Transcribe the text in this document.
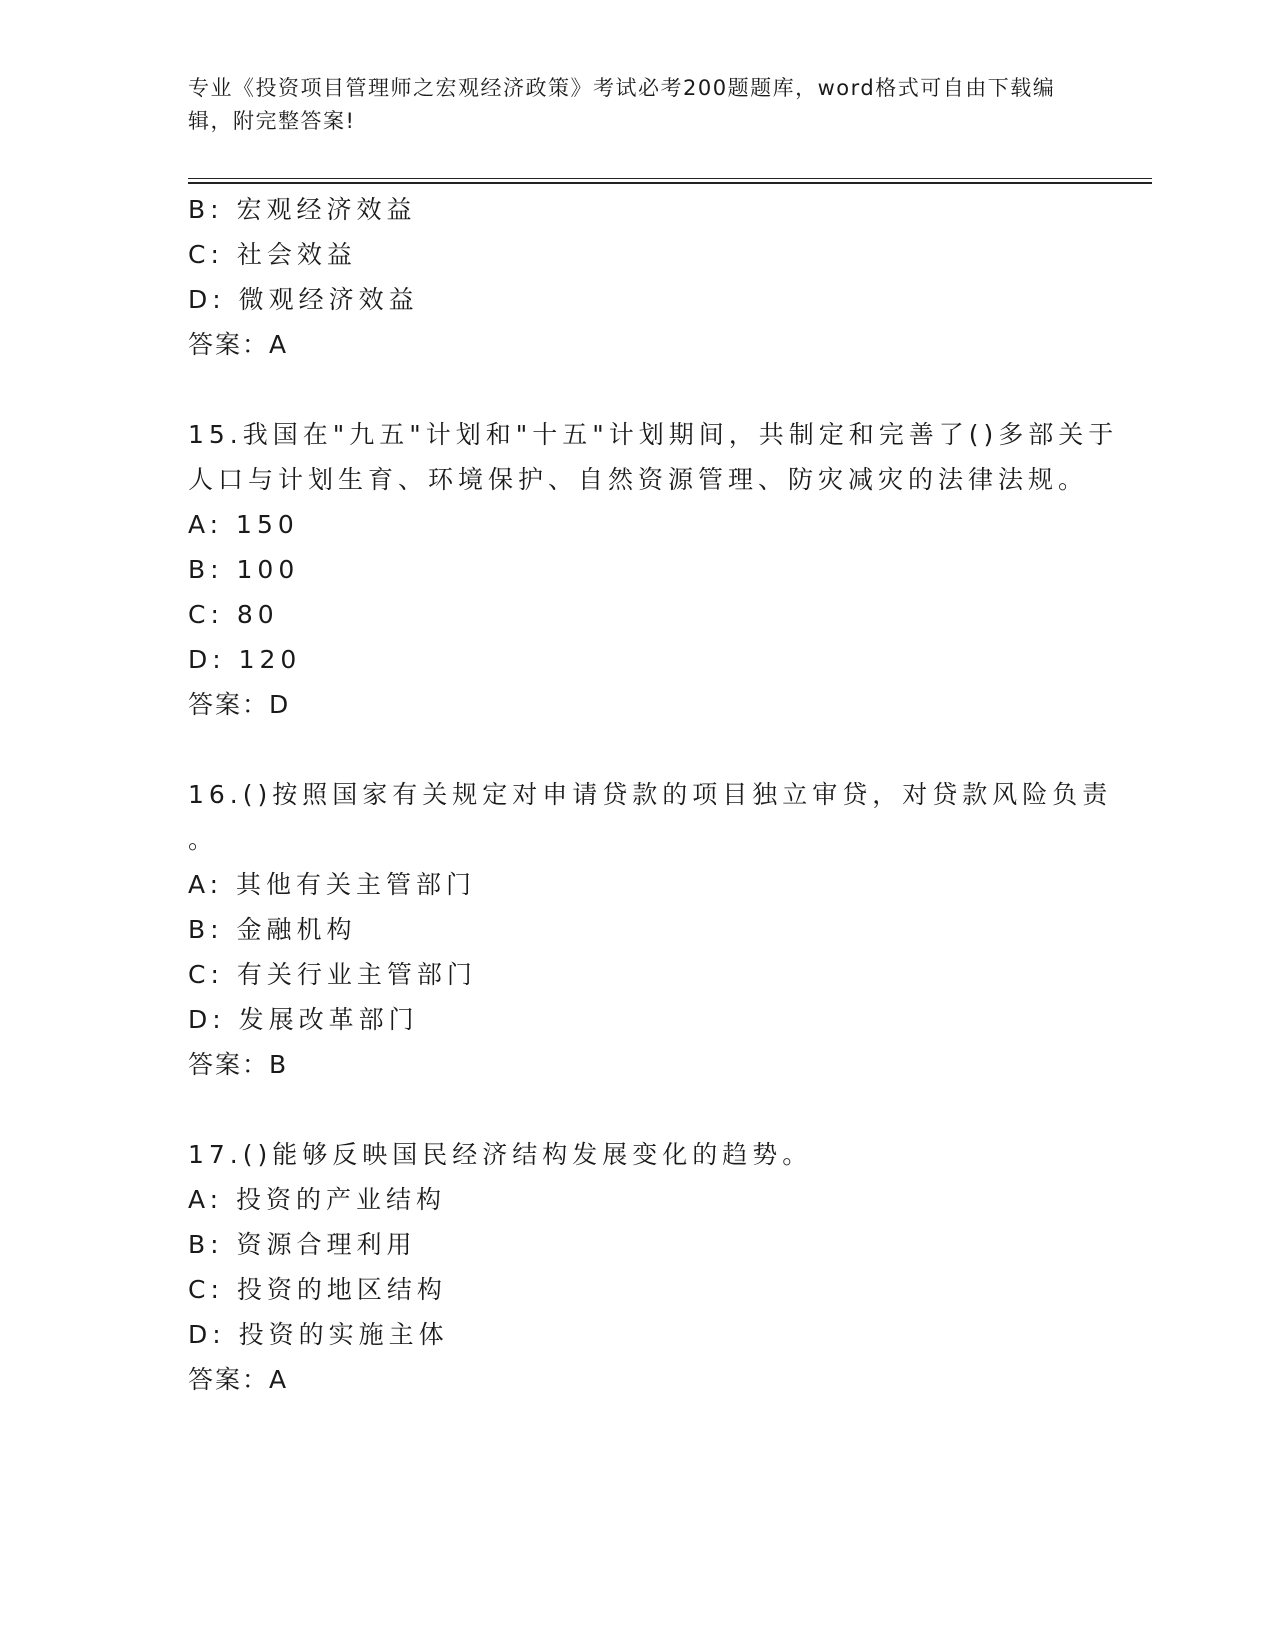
专业《投资项目管理师之宏观经济政策》考试必考200题题库，word格式可自由下载编辑，附完整答案!
B: 宏观经济效益
C: 社会效益
D: 微观经济效益
答案：A
15.我国在"九五"计划和"十五"计划期间，共制定和完善了()多部关于
人口与计划生育、环境保护、自然资源管理、防灾减灾的法律法规。
A: 150
B: 100
C: 80
D: 120
答案：D
16.()按照国家有关规定对申请贷款的项目独立审贷，对贷款风险负责
。
A: 其他有关主管部门
B: 金融机构
C: 有关行业主管部门
D: 发展改革部门
答案：B
17.()能够反映国民经济结构发展变化的趋势。
A: 投资的产业结构
B: 资源合理利用
C: 投资的地区结构
D: 投资的实施主体
答案：A
